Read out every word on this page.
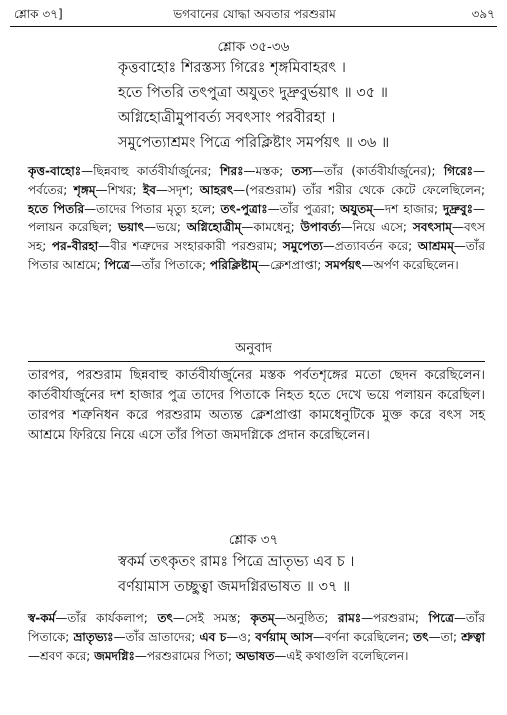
শ্লোক ৩৭]	ভগবানের যোদ্ধা অবতার পরশুরাম	৩৯৭
শ্লোক ৩৫-৩৬
কৃত্তবাহোঃ শিরস্তস্য গিরেঃ শৃঙ্গমিবাহরৎ ।
হতে পিতরি তৎপুত্রা অযুতং দুদ্রুবুর্ভয়াৎ ॥ ৩৫ ॥
অগ্নিহোত্রীমুপাবর্ত্য সবৎসাং পরবীরহা ।
সমুপেত্যাশ্রমং পিত্রে পরিক্লিষ্টাং সমর্পয়ৎ ॥ ৩৬ ॥

কৃত্ত-বাহোঃ—ছিন্নবাহু কার্তবীর্যার্জুনের; শিরঃ—মস্তক; তস্য—তাঁর (কার্তবীর্যার্জুনের); গিরেঃ—পর্বতের; শৃঙ্গম্—শিখর; ইব—সদৃশ; আহরৎ—(পরশুরাম) তাঁর শরীর থেকে কেটে ফেলেছিলেন; হতে পিতরি—তাদের পিতার মৃত্যু হলে; তৎ-পুত্রাঃ—তাঁর পুত্ররা; অযুতম্—দশ হাজার; দুদ্রুবুঃ—পলায়ন করেছিল; ভয়াৎ—ভয়ে; অগ্নিহোত্রীম্—কামধেনু; উপাবর্ত্য—নিয়ে এসে; সবৎসাম্—বৎস সহ; পর-বীরহা—বীর শত্রুদের সংহারকারী পরশুরাম; সমুপেত্য—প্রত্যাবর্তন করে; আশ্রমম্—তাঁর পিতার আশ্রমে; পিত্রে—তাঁর পিতাকে; পরিক্লিষ্টাম্—ক্লেশপ্রাপ্তা; সমর্পয়ৎ—অর্পণ করেছিলেন।

অনুবাদ
তারপর, পরশুরাম ছিন্নবাহু কার্তবীর্যার্জুনের মস্তক পর্বতশৃঙ্গের মতো ছেদন করেছিলেন। কার্তবীর্যার্জুনের দশ হাজার পুত্র তাদের পিতাকে নিহত হতে দেখে ভয়ে পলায়ন করেছিল। তারপর শত্রুনিধন করে পরশুরাম অত্যন্ত ক্লেশপ্রাপ্তা কামধেনুটিকে মুক্ত করে বৎস সহ আশ্রমে ফিরিয়ে নিয়ে এসে তাঁর পিতা জমদগ্নিকে প্রদান করেছিলেন।
শ্লোক ৩৭
স্বকর্ম তৎকৃতং রামঃ পিত্রে ভ্রাতৃভ্য এব চ ।
বর্ণয়ামাস তচ্ছুত্বা জমদগ্নিরভাষত ॥ ৩৭ ॥

স্ব-কর্ম—তাঁর কার্যকলাপ; তৎ—সেই সমস্ত; কৃতম্—অনুষ্ঠিত; রামঃ—পরশুরাম; পিত্রে—তাঁর পিতাকে; ভ্রাতৃভ্যঃ—তাঁর ভ্রাতাদের; এব চ—ও; বর্ণয়াম্ আস—বর্ণনা করেছিলেন; তৎ—তা; শ্রুত্বা—শ্রবণ করে; জমদগ্নিঃ—পরশুরামের পিতা; অভাষত—এই কথাগুলি বলেছিলেন।
